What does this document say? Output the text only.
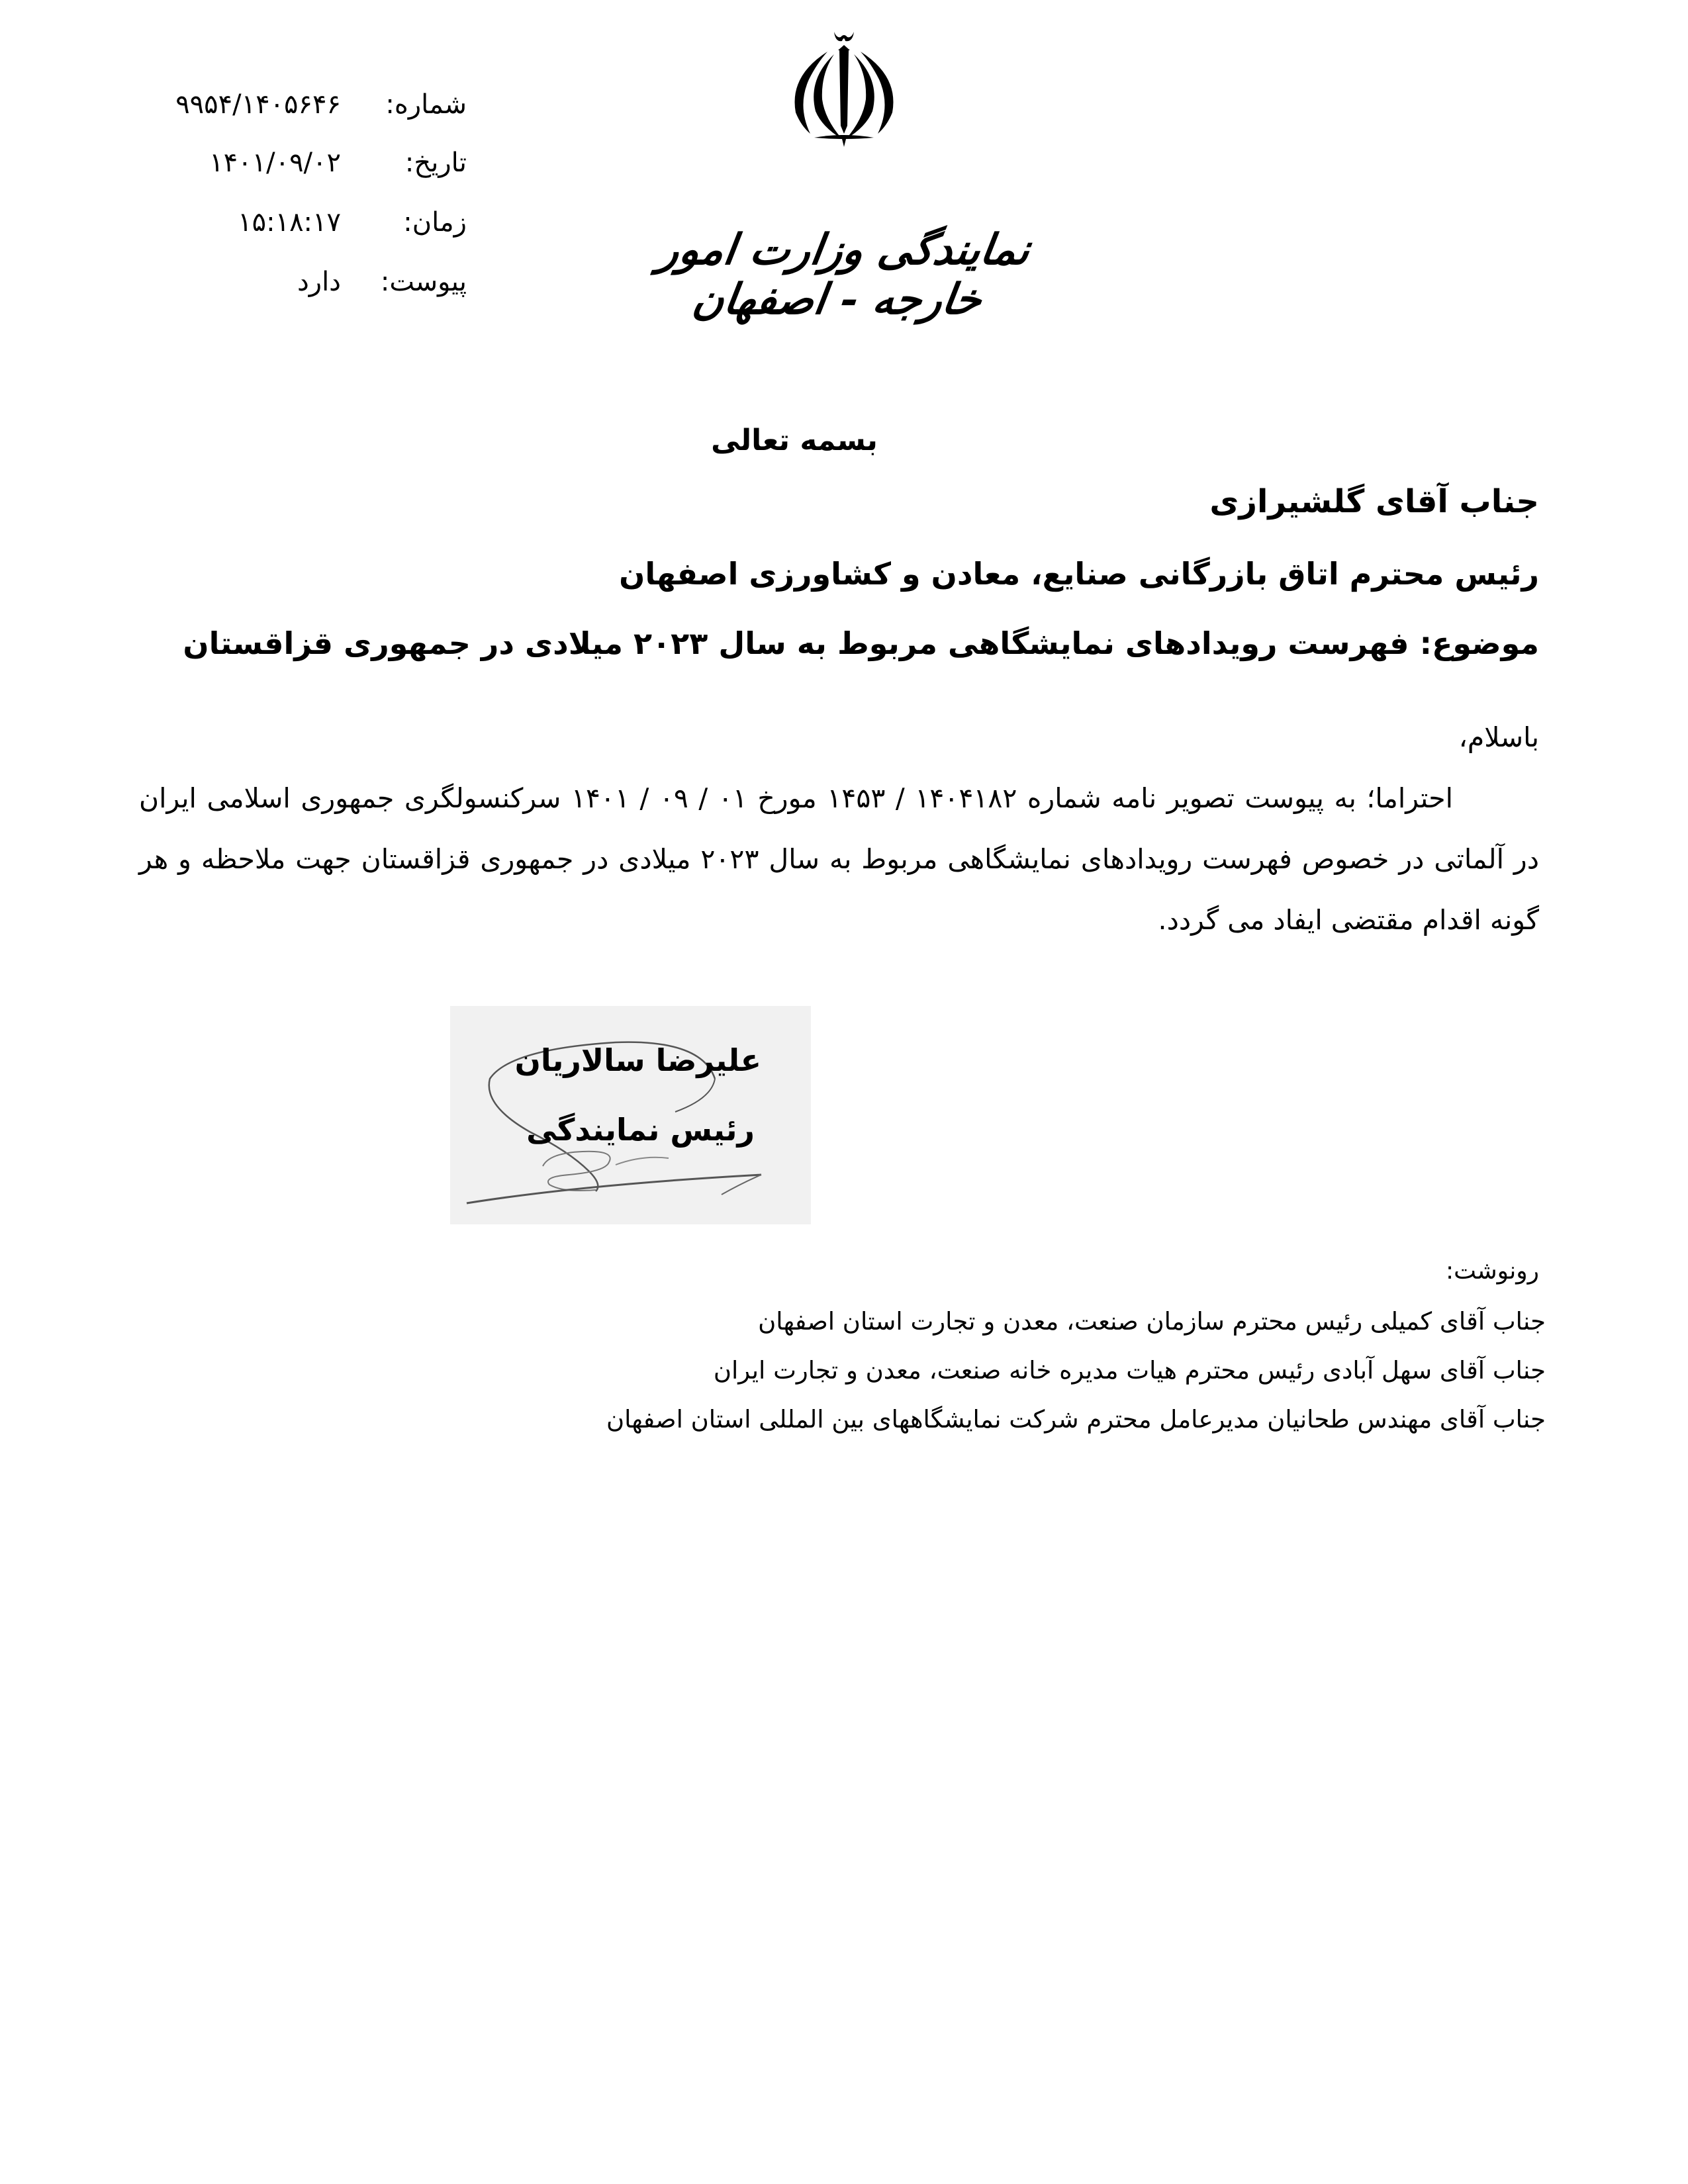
شماره:
۹۹۵۴/۱۴۰۵۶۴۶
تاریخ:
۱۴۰۱/۰۹/۰۲
زمان:
۱۵:۱۸:۱۷
پیوست:
دارد
نمایندگی وزارت امور خارجه - اصفهان
بسمه تعالی
جناب آقای گلشیرازی
رئیس محترم اتاق بازرگانی صنایع، معادن و کشاورزی اصفهان
موضوع: فهرست رویدادهای نمایشگاهی مربوط به سال ۲۰۲۳ میلادی در جمهوری قزاقستان
باسلام،
احتراما؛ به پیوست تصویر نامه شماره ۱۴۰۴۱۸۲ / ۱۴۵۳ مورخ ۰۱ / ۰۹ / ۱۴۰۱ سرکنسولگری جمهوری اسلامی ایران در آلماتی در خصوص فهرست رویدادهای نمایشگاهی مربوط به سال ۲۰۲۳ میلادی در جمهوری قزاقستان جهت ملاحظه و هر گونه اقدام مقتضی ایفاد می گردد.
علیرضا سالاریان
رئیس نمایندگی
رونوشت:
جناب آقای کمیلی رئیس محترم سازمان صنعت، معدن و تجارت استان اصفهان
جناب آقای سهل آبادی رئیس محترم هیات مدیره خانه صنعت، معدن و تجارت ایران
جناب آقای مهندس طحانیان مدیرعامل محترم شرکت نمایشگاههای بین المللی استان اصفهان
